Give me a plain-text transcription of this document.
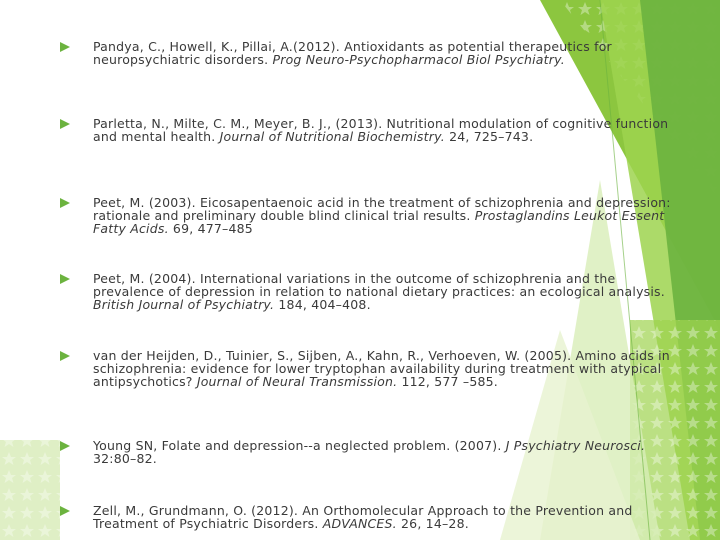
Pandya, C., Howell, K., Pillai, A.(2012). Antioxidants as potential therapeutics for neuropsychiatric disorders. Prog Neuro-Psychopharmacol Biol Psychiatry.
Parletta, N., Milte, C. M., Meyer, B. J., (2013). Nutritional modulation of cognitive function and mental health. Journal of Nutritional Biochemistry. 24, 725–743.
Peet, M. (2003). Eicosapentaenoic acid in the treatment of schizophrenia and depression: rationale and preliminary double blind clinical trial results. Prostaglandins Leukot Essent Fatty Acids. 69, 477–485
Peet, M. (2004). International variations in the outcome of schizophrenia and the prevalence of depression in relation to national dietary practices: an ecological analysis. British Journal of Psychiatry. 184, 404–408.
van der Heijden, D., Tuinier, S., Sijben, A., Kahn, R., Verhoeven, W. (2005). Amino acids in schizophrenia: evidence for lower tryptophan availability during treatment with atypical antipsychotics? Journal of Neural Transmission. 112, 577 –585.
Young SN, Folate and depression--a neglected problem. (2007). J Psychiatry Neurosci. 32:80–82.
Zell, M., Grundmann, O. (2012). An Orthomolecular Approach to the Prevention and Treatment of Psychiatric Disorders. ADVANCES. 26, 14–28.
